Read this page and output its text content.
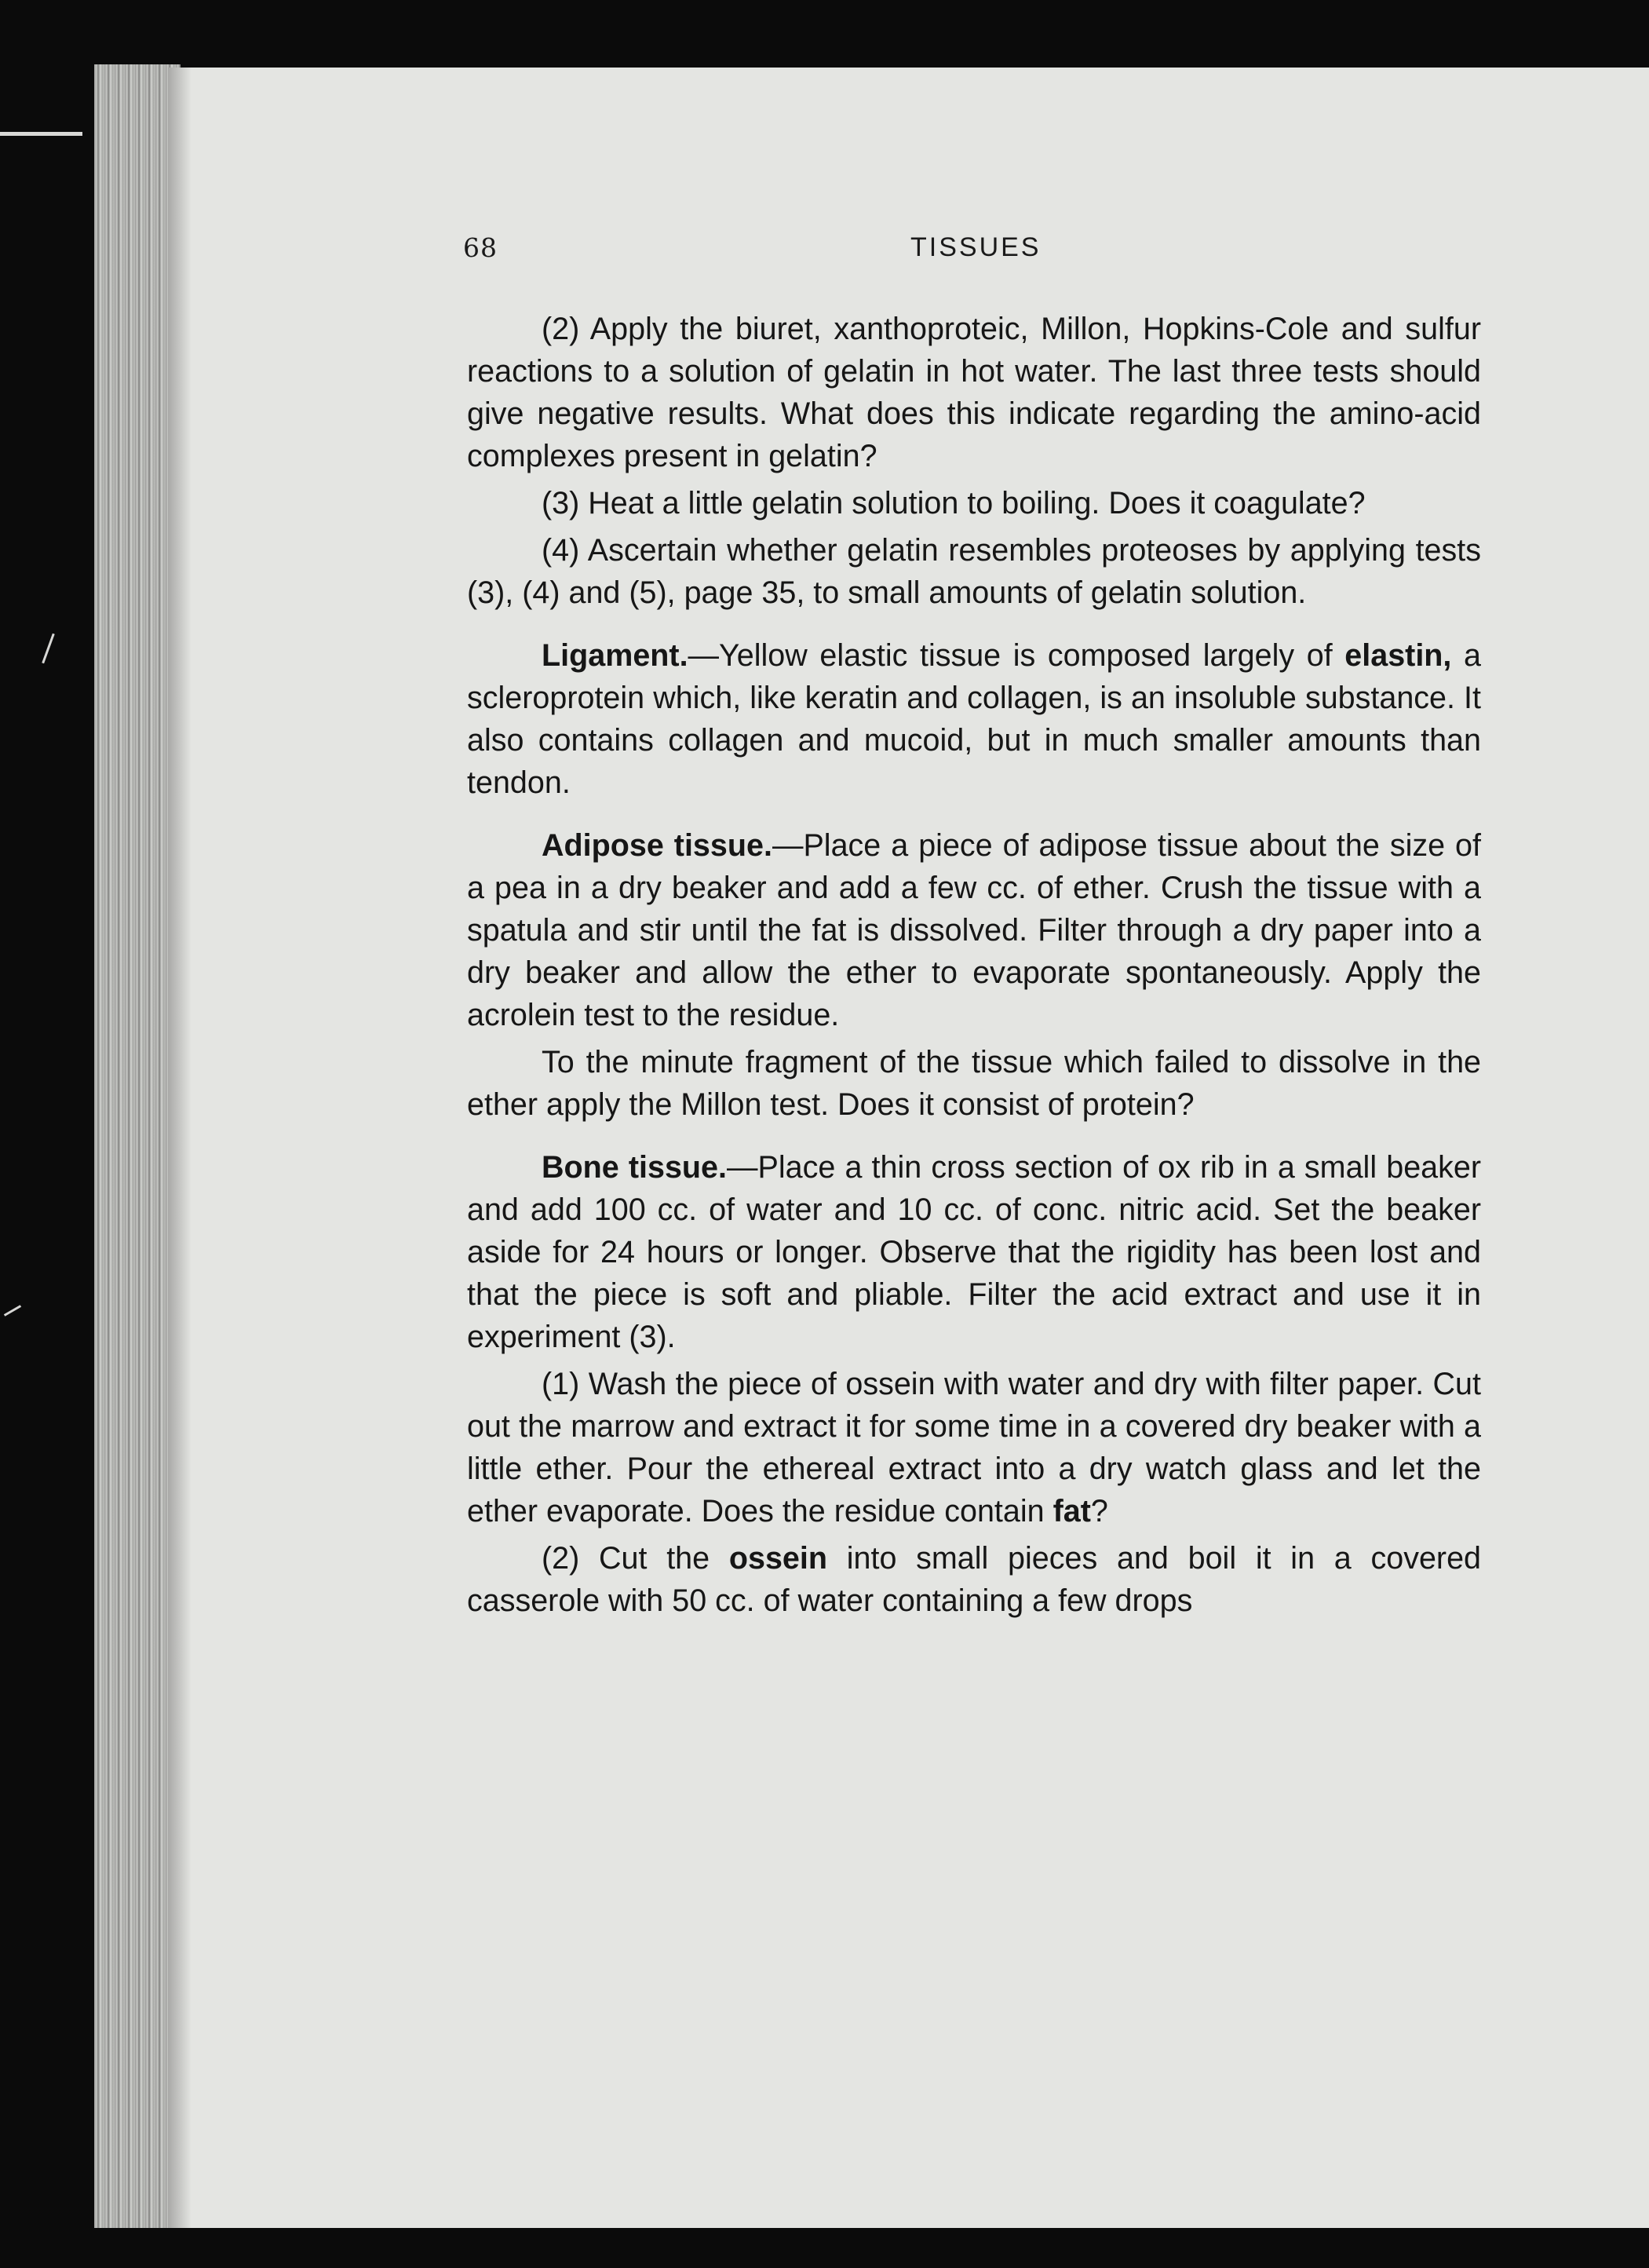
68	TISSUES

(2) Apply the biuret, xanthoproteic, Millon, Hopkins-Cole and sulfur reactions to a solution of gelatin in hot water. The last three tests should give negative results. What does this indicate regarding the amino-acid complexes present in gelatin?

(3) Heat a little gelatin solution to boiling. Does it coagulate?

(4) Ascertain whether gelatin resembles proteoses by applying tests (3), (4) and (5), page 35, to small amounts of gelatin solution.

Ligament.—Yellow elastic tissue is composed largely of elastin, a scleroprotein which, like keratin and collagen, is an insoluble substance. It also contains collagen and mucoid, but in much smaller amounts than tendon.

Adipose tissue.—Place a piece of adipose tissue about the size of a pea in a dry beaker and add a few cc. of ether. Crush the tissue with a spatula and stir until the fat is dissolved. Filter through a dry paper into a dry beaker and allow the ether to evaporate spontaneously. Apply the acrolein test to the residue.

To the minute fragment of the tissue which failed to dissolve in the ether apply the Millon test. Does it consist of protein?

Bone tissue.—Place a thin cross section of ox rib in a small beaker and add 100 cc. of water and 10 cc. of conc. nitric acid. Set the beaker aside for 24 hours or longer. Observe that the rigidity has been lost and that the piece is soft and pliable. Filter the acid extract and use it in experiment (3).

(1) Wash the piece of ossein with water and dry with filter paper. Cut out the marrow and extract it for some time in a covered dry beaker with a little ether. Pour the ethereal extract into a dry watch glass and let the ether evaporate. Does the residue contain fat?

(2) Cut the ossein into small pieces and boil it in a covered casserole with 50 cc. of water containing a few drops
